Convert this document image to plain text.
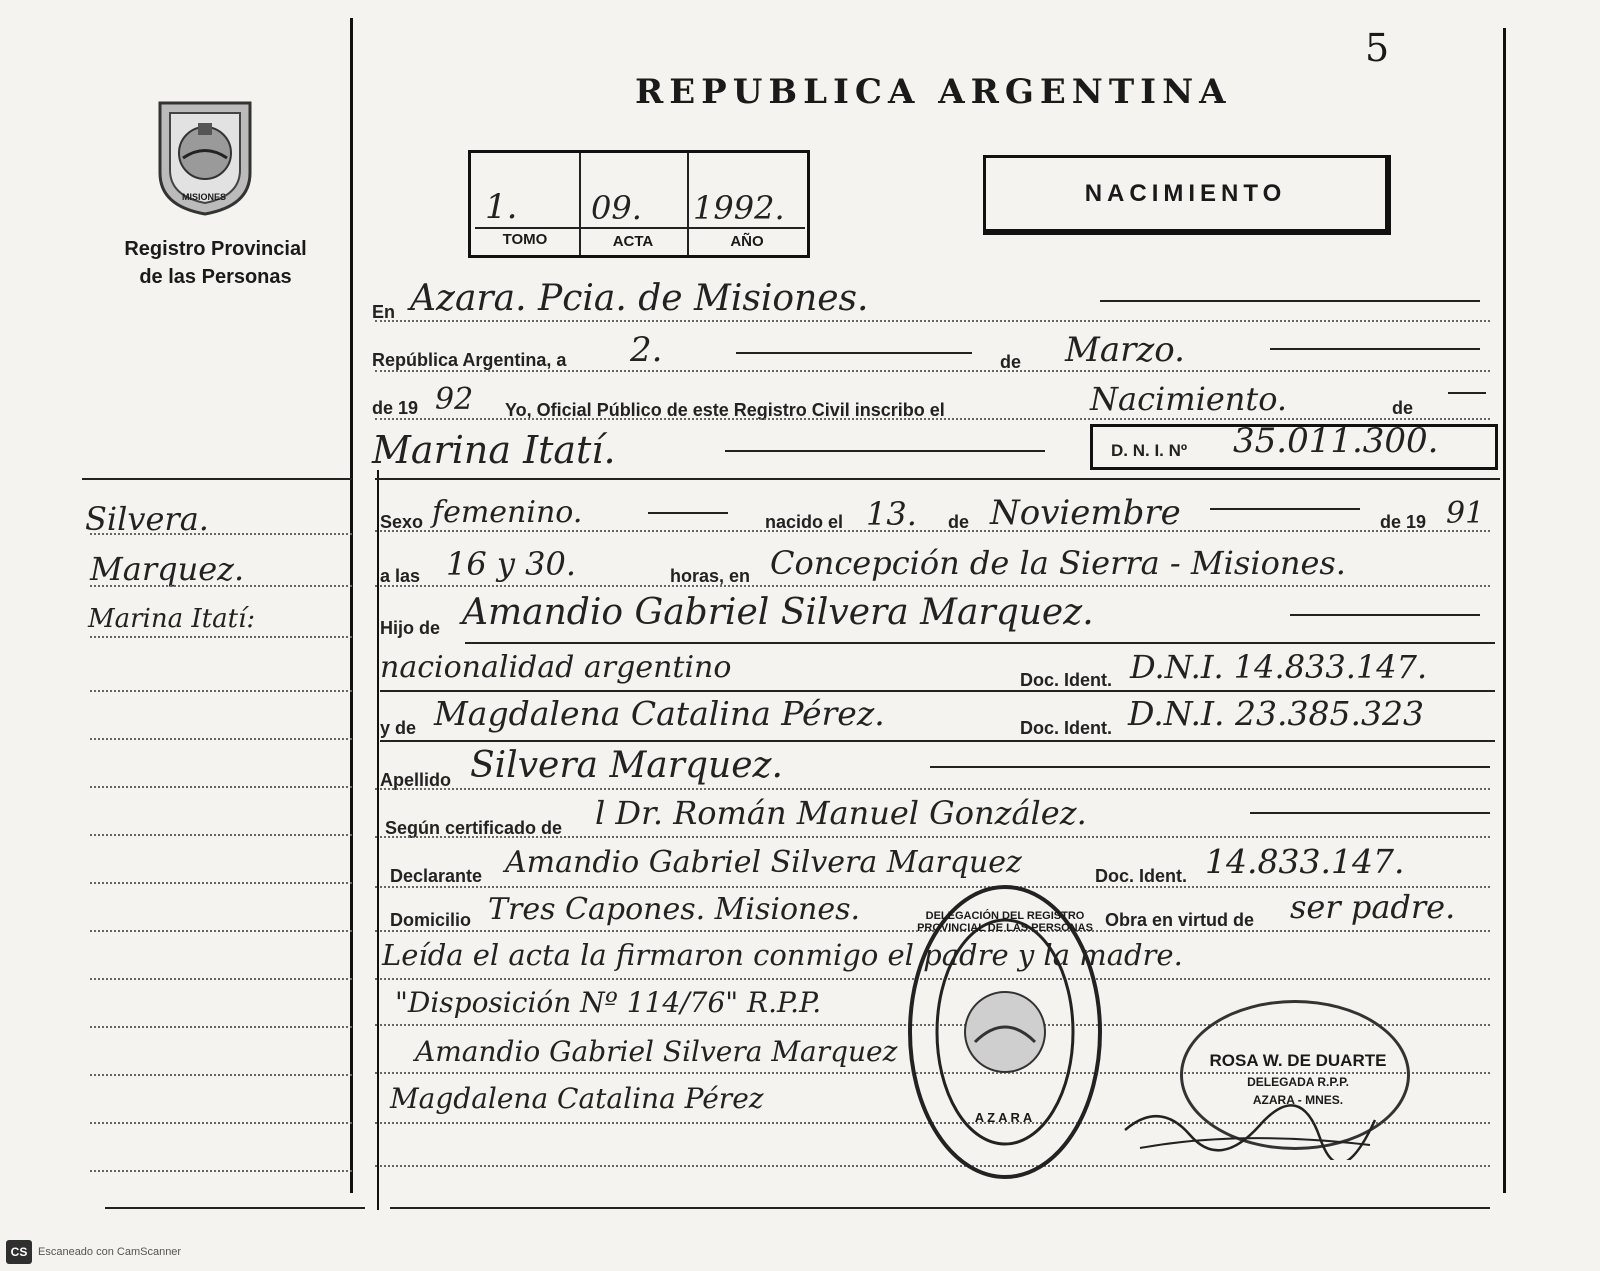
5
REPUBLICA ARGENTINA
MISIONES
Registro Provincial
de las Personas
1. 09. 1992.
TOMO	ACTA	AÑO
NACIMIENTO
Silvera.
Marquez.
Marina Itatí:
En Azara. Pcia. de Misiones.
República Argentina, a 2.	de Marzo.
de 19 92 Yo, Oficial Público de este Registro Civil inscribo el	Nacimiento.	de
Marina Itatí.	D. N. I. Nº 35.011.300.
Sexo femenino.	nacido el 13. de Noviembre	de 19 91
a las 16 y 30.	horas, en Concepción de la Sierra - Misiones.
Hijo de Amandio Gabriel Silvera Marquez.
nacionalidad argentino	Doc. Ident. D.N.I. 14.833.147.
y de Magdalena Catalina Pérez.	Doc. Ident. D.N.I. 23.385.323
Apellido Silvera Marquez.
Según certificado de l Dr. Román Manuel González.
Declarante Amandio Gabriel Silvera Marquez	Doc. Ident. 14.833.147.
Domicilio Tres Capones. Misiones.	Obra en virtud de ser padre.
Leída el acta la firmaron conmigo el padre y la madre.
"Disposición Nº 114/76" R.P.P.
Amandio Gabriel Silvera Marquez
Magdalena Catalina Pérez
DELEGACIÓN DEL REGISTRO PROVINCIAL DE LAS PERSONAS
AZARA
ROSA W. DE DUARTE
DELEGADA R.P.P.
AZARA - MNES.
CS Escaneado con CamScanner
